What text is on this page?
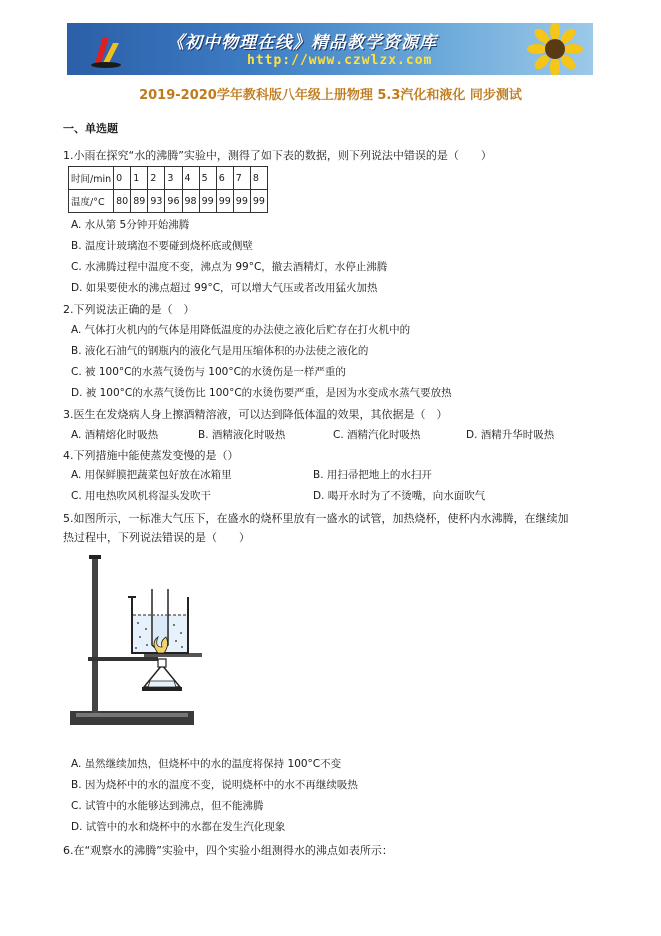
《初中物理在线》精品教学资源库
http://www.czwlzx.com
2019-2020学年教科版八年级上册物理 5.3汽化和液化 同步测试
一、单选题
1.小雨在探究“水的沸腾”实验中，测得了如下表的数据，则下列说法中错误的是（　　）
时间/min	0	1	2	3	4	5	6	7	8
温度/°C	80	89	93	96	98	99	99	99	99
A. 水从第 5分钟开始沸腾
B. 温度计玻璃泡不要碰到烧杯底或侧壁
C. 水沸腾过程中温度不变，沸点为 99°C，撤去酒精灯，水停止沸腾
D. 如果要使水的沸点超过 99°C，可以增大气压或者改用猛火加热
2.下列说法正确的是（　）
A. 气体打火机内的气体是用降低温度的办法使之液化后贮存在打火机中的
B. 液化石油气的钢瓶内的液化气是用压缩体积的办法使之液化的
C. 被 100°C的水蒸气烫伤与 100°C的水烫伤是一样严重的
D. 被 100°C的水蒸气烫伤比 100°C的水烫伤要严重，是因为水变成水蒸气要放热
3.医生在发烧病人身上擦酒精溶液，可以达到降低体温的效果，其依据是（　）
A. 酒精熔化时吸热	B. 酒精液化时吸热	C. 酒精汽化时吸热	D. 酒精升华时吸热
4.下列措施中能使蒸发变慢的是（）
A. 用保鲜膜把蔬菜包好放在冰箱里	B. 用扫帚把地上的水扫开
C. 用电热吹风机将湿头发吹干	D. 喝开水时为了不烫嘴，向水面吹气
5.如图所示，一标准大气压下，在盛水的烧杯里放有一盛水的试管，加热烧杯，使杯内水沸腾，在继续加
热过程中，下列说法错误的是（　　）
A. 虽然继续加热，但烧杯中的水的温度将保持 100°C不变
B. 因为烧杯中的水的温度不变，说明烧杯中的水不再继续吸热
C. 试管中的水能够达到沸点，但不能沸腾
D. 试管中的水和烧杯中的水都在发生汽化现象
6.在“观察水的沸腾”实验中，四个实验小组测得水的沸点如表所示：
